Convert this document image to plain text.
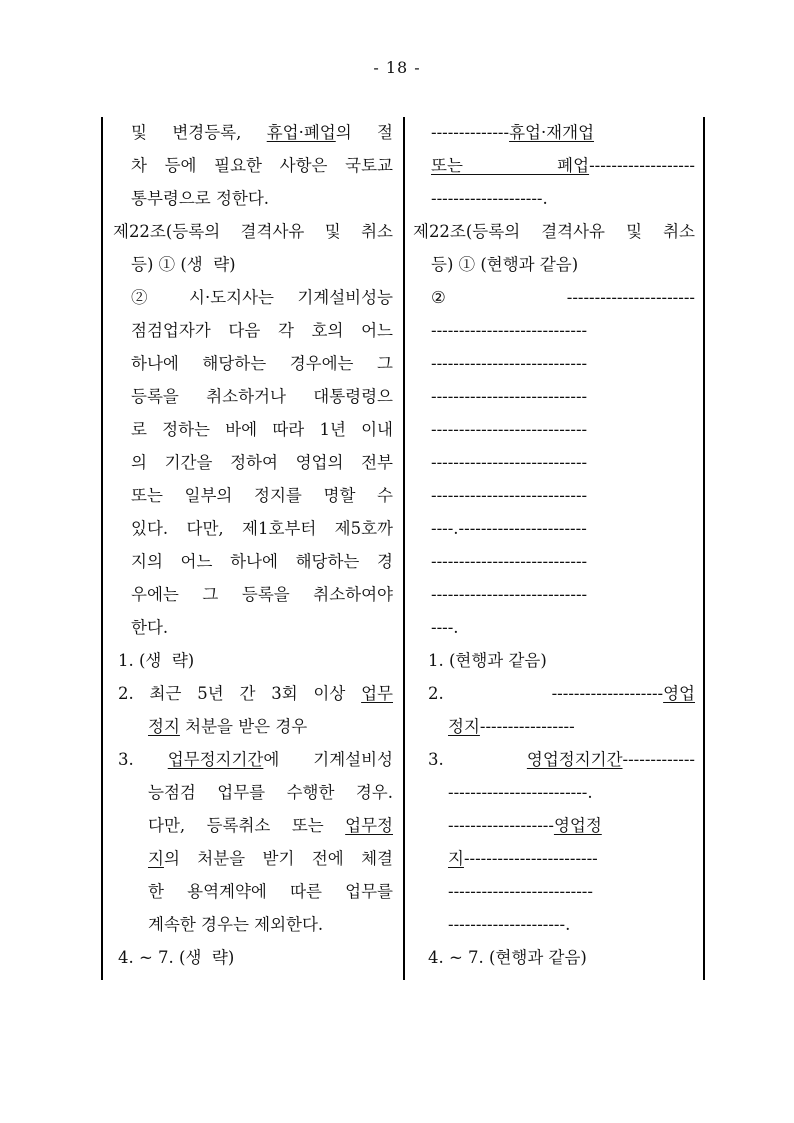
- 18 -
및 변경등록, 휴업·폐업의 절
차 등에 필요한 사항은 국토교
통부령으로 정한다.
제22조(등록의 결격사유 및 취소
등) ① (생  략)
② 시·도지사는 기계설비성능
점검업자가 다음 각 호의 어느
하나에 해당하는 경우에는 그
등록을 취소하거나 대통령령으
로 정하는 바에 따라 1년 이내
의 기간을 정하여 영업의 전부
또는 일부의 정지를 명할 수
있다. 다만, 제1호부터 제5호까
지의 어느 하나에 해당하는 경
우에는 그 등록을 취소하여야
한다.
1. (생  략)
2. 최근 5년 간 3회 이상 업무
정지 처분을 받은 경우
3. 업무정지기간에 기계설비성
능점검 업무를 수행한 경우.
다만, 등록취소 또는 업무정
지의 처분을 받기 전에 체결
한 용역계약에 따른 업무를
계속한 경우는 제외한다.
4. ~ 7. (생  략)
--------------휴업·재개업
또는 폐업-------------------
--------------------.
제22조(등록의 결격사유 및 취소
등) ① (현행과 같음)
② -----------------------
----------------------------
----------------------------
----------------------------
----------------------------
----------------------------
----------------------------
----.-----------------------
----------------------------
----------------------------
----.
1. (현행과 같음)
2.  --------------------영업
정지-----------------
3. 영업정지기간-------------
-------------------------.
-------------------영업정
지------------------------
--------------------------
---------------------.
4. ~ 7. (현행과 같음)
